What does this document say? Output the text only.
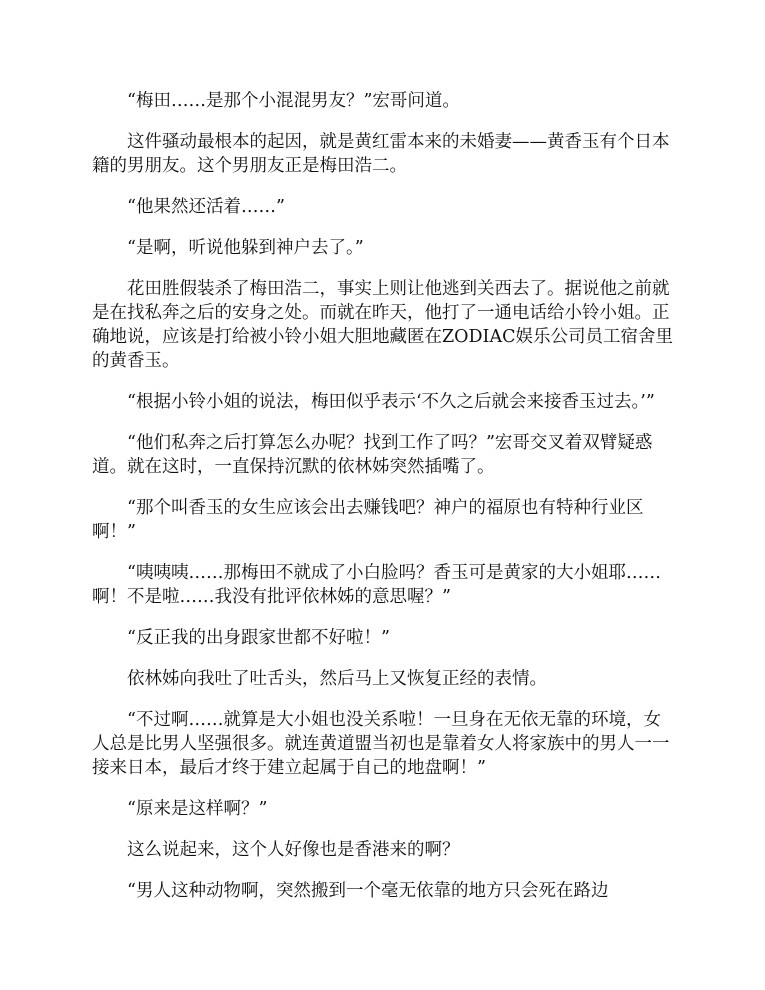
“梅田……是那个小混混男友？”宏哥问道。

这件骚动最根本的起因，就是黄红雷本来的未婚妻——黄香玉有个日本籍的男朋友。这个男朋友正是梅田浩二。

“他果然还活着……”

“是啊，听说他躲到神户去了。”

花田胜假装杀了梅田浩二，事实上则让他逃到关西去了。据说他之前就是在找私奔之后的安身之处。而就在昨天，他打了一通电话给小铃小姐。正确地说，应该是打给被小铃小姐大胆地藏匿在ZODIAC娱乐公司员工宿舍里的黄香玉。

“根据小铃小姐的说法，梅田似乎表示‘不久之后就会来接香玉过去。’”

“他们私奔之后打算怎么办呢？找到工作了吗？”宏哥交叉着双臂疑惑道。就在这时，一直保持沉默的依林姊突然插嘴了。

“那个叫香玉的女生应该会出去赚钱吧？神户的福原也有特种行业区啊！”

“咦咦咦……那梅田不就成了小白脸吗？香玉可是黄家的大小姐耶……啊！不是啦……我没有批评依林姊的意思喔？”

“反正我的出身跟家世都不好啦！”

依林姊向我吐了吐舌头，然后马上又恢复正经的表情。

“不过啊……就算是大小姐也没关系啦！一旦身在无依无靠的环境，女人总是比男人坚强很多。就连黄道盟当初也是靠着女人将家族中的男人一一接来日本，最后才终于建立起属于自己的地盘啊！”

“原来是这样啊？”

这么说起来，这个人好像也是香港来的啊？

“男人这种动物啊，突然搬到一个毫无依靠的地方只会死在路边
